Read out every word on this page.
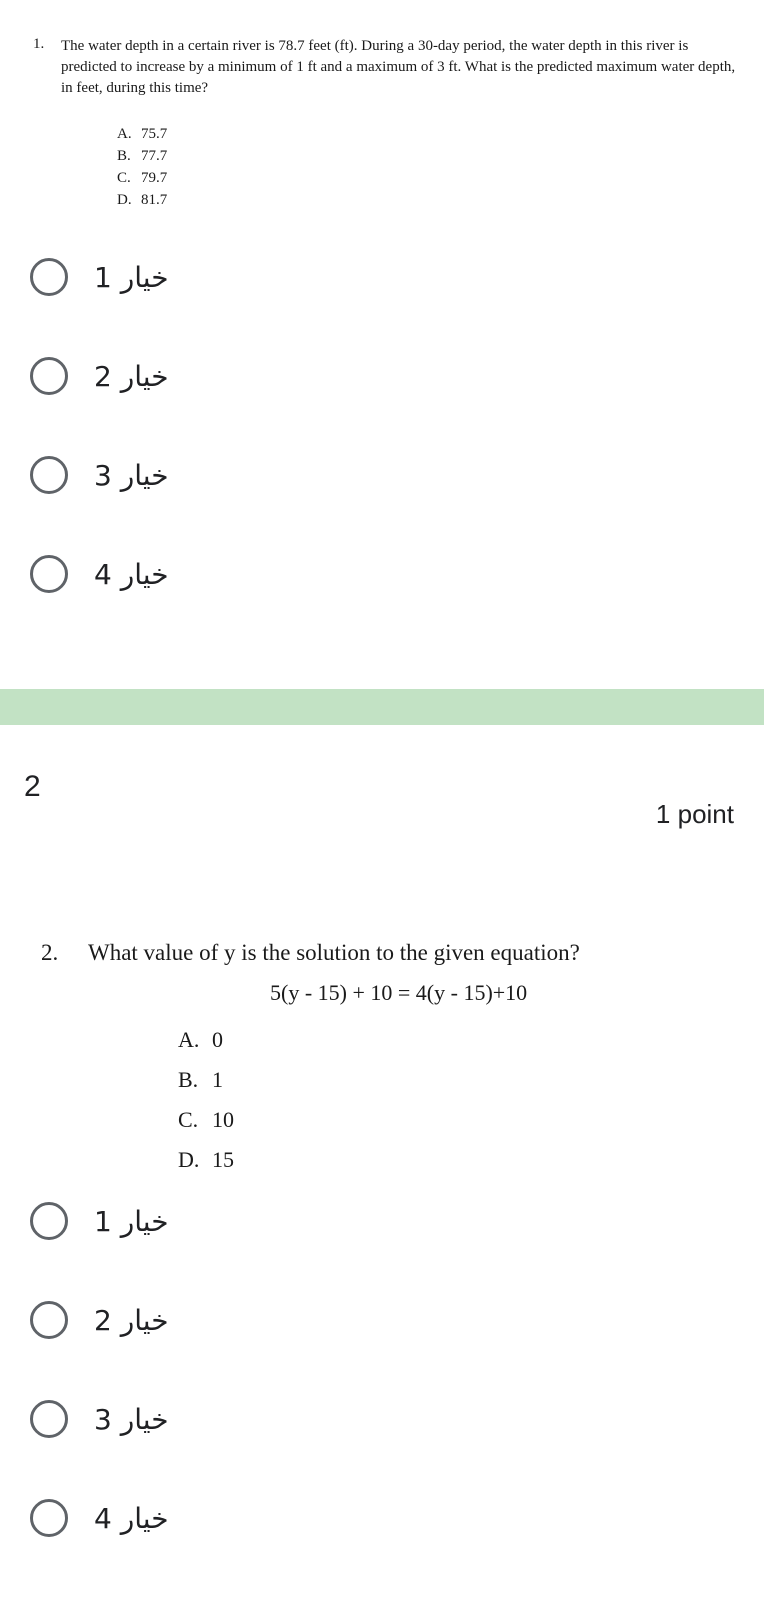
1. The water depth in a certain river is 78.7 feet (ft). During a 30-day period, the water depth in this river is predicted to increase by a minimum of 1 ft and a maximum of 3 ft. What is the predicted maximum water depth, in feet, during this time?

A. 75.7
B. 77.7
C. 79.7
D. 81.7
خيار 1
خيار 2
خيار 3
خيار 4
2
1 point
2. What value of y is the solution to the given equation?

5(y - 15) + 10 = 4(y - 15)+10
A. 0
B. 1
C. 10
D. 15
خيار 1
خيار 2
خيار 3
خيار 4
